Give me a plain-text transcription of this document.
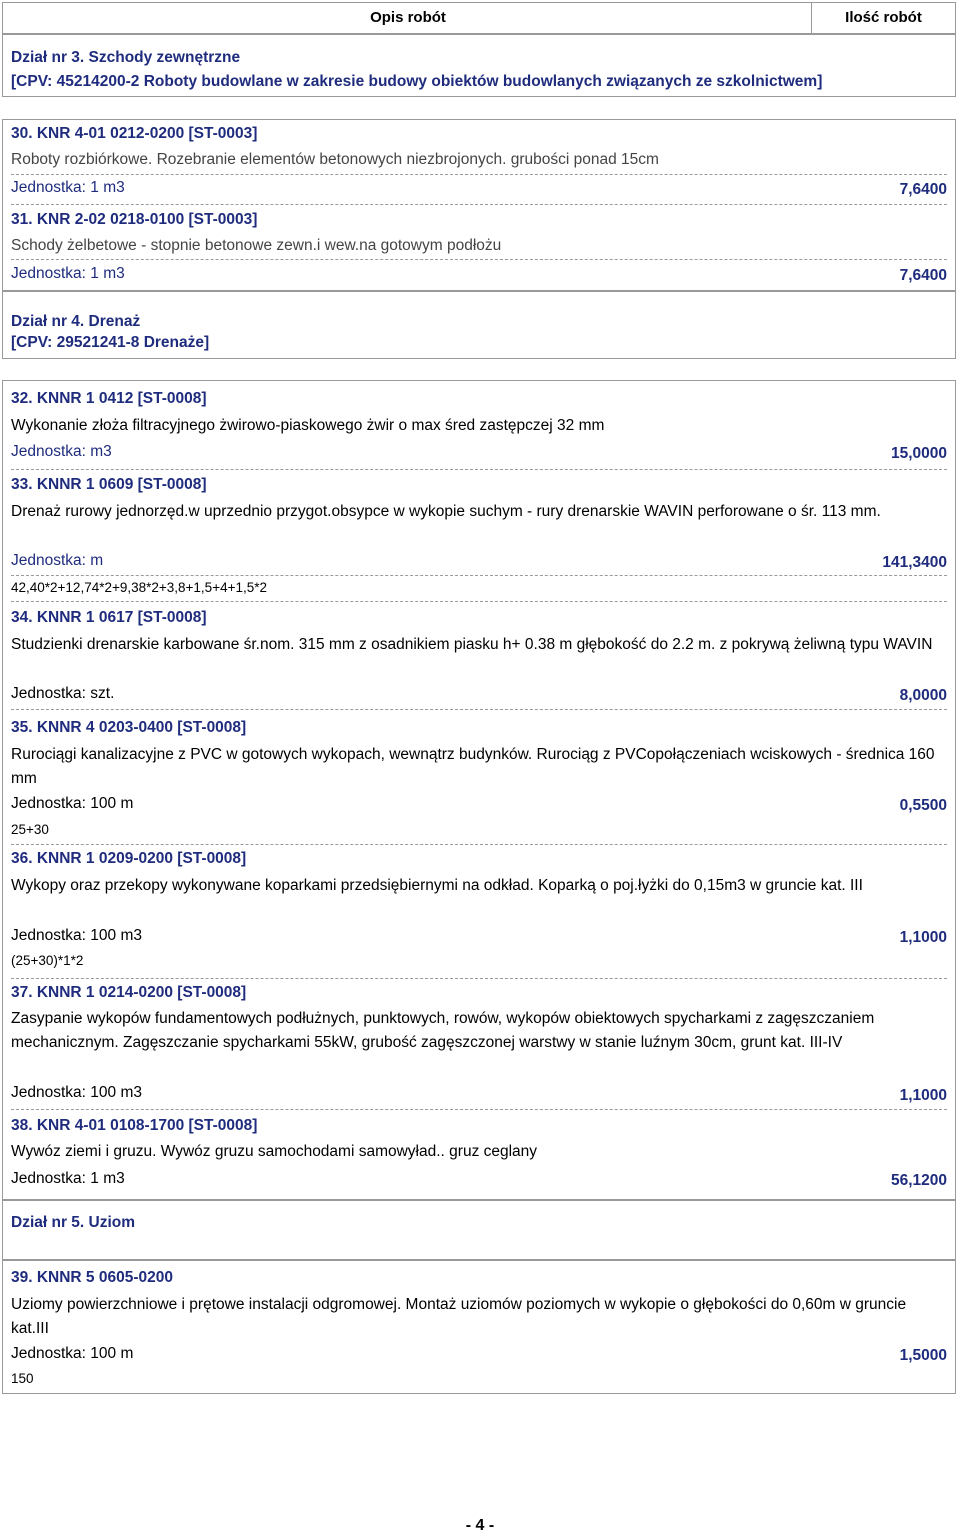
Opis robót	Ilość robót
Dział nr 3. Szchody zewnętrzne
[CPV: 45214200-2 Roboty budowlane w zakresie budowy obiektów budowlanych związanych ze szkolnictwem]
30. KNR 4-01 0212-0200 [ST-0003]
Roboty rozbiórkowe. Rozebranie elementów betonowych niezbrojonych. grubości ponad 15cm
Jednostka: 1 m3	7,6400
31. KNR 2-02 0218-0100 [ST-0003]
Schody żelbetowe - stopnie betonowe zewn.i wew.na gotowym podłożu
Jednostka: 1 m3	7,6400
Dział nr 4. Drenaż
[CPV: 29521241-8 Drenaże]
32. KNNR 1 0412 [ST-0008]
Wykonanie złoża filtracyjnego żwirowo-piaskowego żwir o max śred zastępczej 32 mm
Jednostka: m3	15,0000
33. KNNR 1 0609 [ST-0008]
Drenaż rurowy jednorzęd.w uprzednio przygot.obsypce w wykopie suchym - rury drenarskie WAVIN perforowane o śr. 113 mm.
Jednostka: m	141,3400
42,40*2+12,74*2+9,38*2+3,8+1,5+4+1,5*2
34. KNNR 1 0617 [ST-0008]
Studzienki drenarskie karbowane śr.nom. 315 mm z osadnikiem piasku h+ 0.38 m głębokość do 2.2 m. z pokrywą żeliwną typu WAVIN
Jednostka: szt.	8,0000
35. KNNR 4 0203-0400 [ST-0008]
Rurociągi kanalizacyjne z PVC w gotowych wykopach, wewnątrz budynków. Rurociąg z PVCopołączeniach wciskowych - średnica 160 mm
Jednostka: 100 m	0,5500
25+30
36. KNNR 1 0209-0200 [ST-0008]
Wykopy oraz przekopy wykonywane koparkami przedsiębiernymi na odkład. Koparką o poj.łyżki do 0,15m3 w gruncie kat. III
Jednostka: 100 m3	1,1000
(25+30)*1*2
37. KNNR 1 0214-0200 [ST-0008]
Zasypanie wykopów fundamentowych podłużnych, punktowych, rowów, wykopów obiektowych spycharkami z zagęszczaniem mechanicznym. Zagęszczanie spycharkami 55kW, grubość zagęszczonej warstwy w stanie luźnym 30cm, grunt kat. III-IV
Jednostka: 100 m3	1,1000
38. KNR 4-01 0108-1700 [ST-0008]
Wywóz ziemi i gruzu. Wywóz gruzu samochodami samowyład.. gruz ceglany
Jednostka: 1 m3	56,1200
Dział nr 5. Uziom
39. KNNR 5 0605-0200
Uziomy powierzchniowe i prętowe instalacji odgromowej. Montaż uziomów poziomych w wykopie o głębokości do 0,60m w gruncie kat.III
Jednostka: 100 m	1,5000
150
- 4 -
